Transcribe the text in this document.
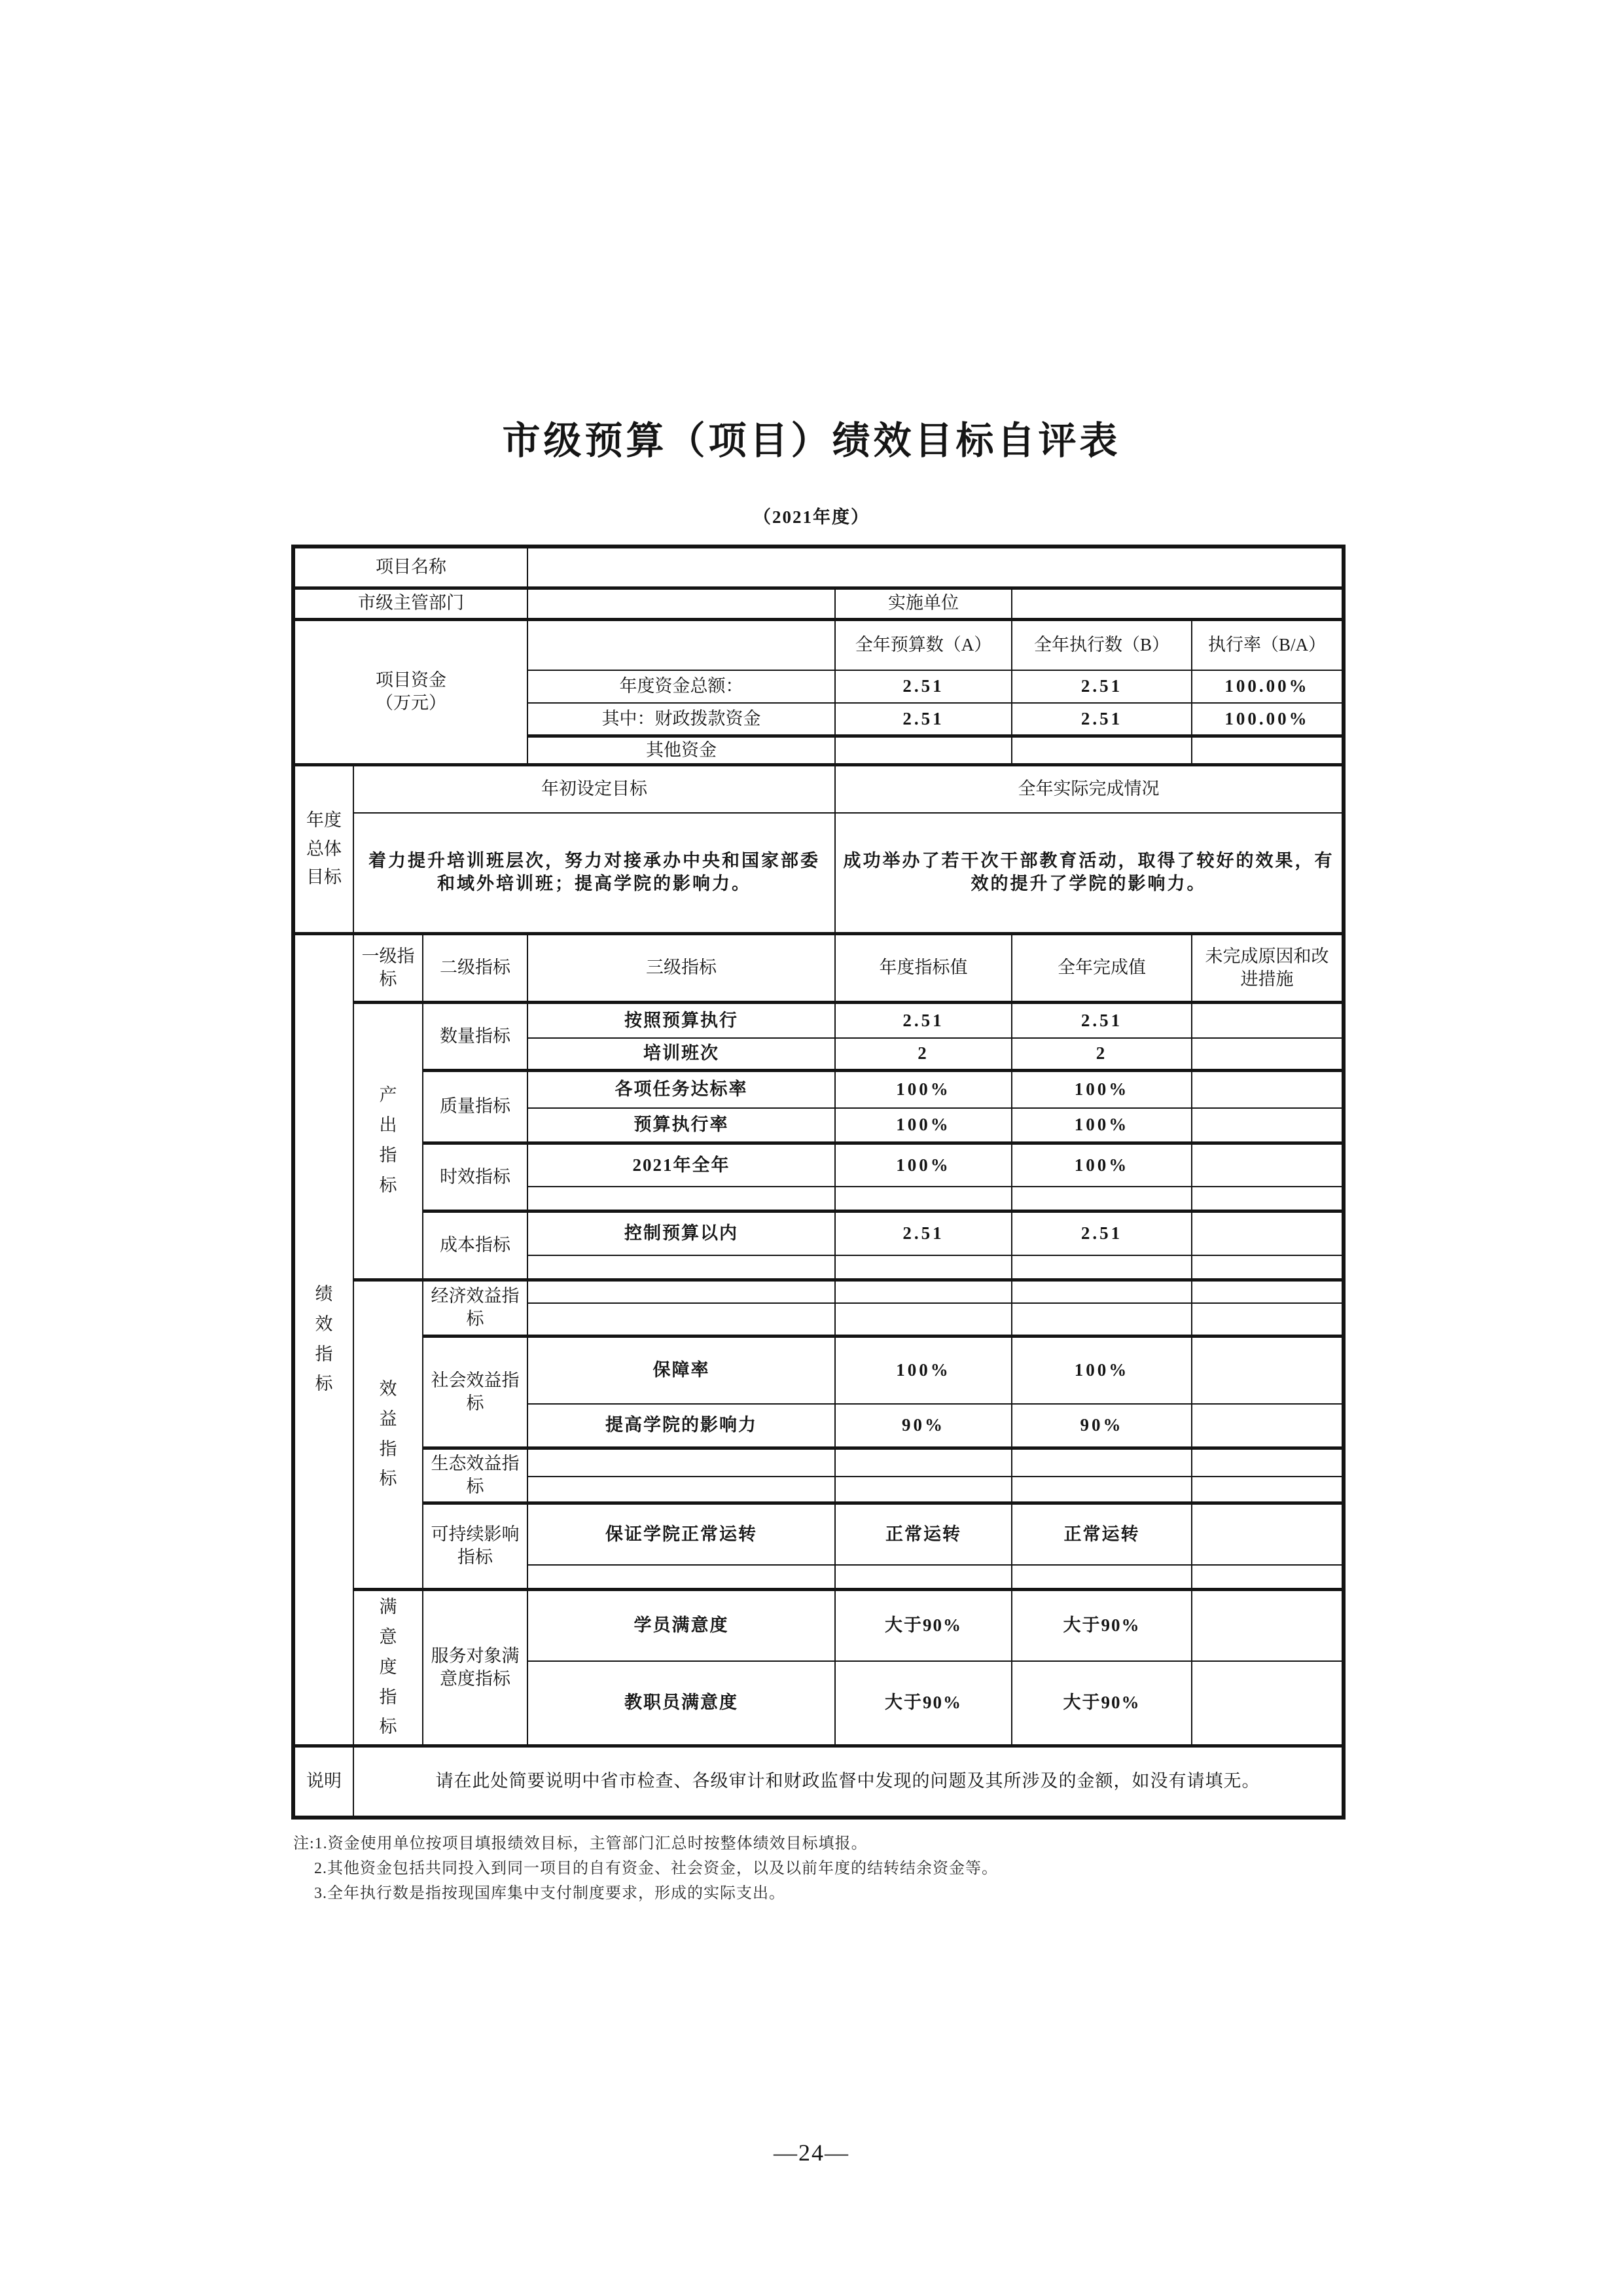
市级预算（项目）绩效目标自评表
（2021年度）
项目名称						
市级主管部门				实施单位		

项目资金
（万元）				全年预算数（A）	全年执行数（B）	执行率（B/A）
			年度资金总额：	2.51	2.51	100.00%
			其中：财政拨款资金	2.51	2.51	100.00%
			其他资金			
年度总体目标	年初设定目标			全年实际完成情况		
	着力提升培训班层次，努力对接承办中央和国家部委和域外培训班；提高学院的影响力。			成功举办了若干次干部教育活动，取得了较好的效果，有效的提升了学院的影响力。		
绩效指标	一级指标	二级指标	三级指标	年度指标值	全年完成值	未完成原因和改进措施
	产出指标	数量指标	按照预算执行	2.51	2.51	
			培训班次	2	2	
		质量指标	各项任务达标率	100%	100%	
			预算执行率	100%	100%	
		时效指标	2021年全年	100%	100%	

		成本指标	控制预算以内	2.51	2.51	

	效益指标	经济效益指标				

		社会效益指标	保障率	100%	100%	
			提高学院的影响力	90%	90%	
		生态效益指标				

		可持续影响指标	保证学院正常运转	正常运转	正常运转	

	满意度指标	服务对象满意度指标	学员满意度	大于90%	大于90%	
			教职员满意度	大于90%	大于90%	
说明	请在此处简要说明中省市检查、各级审计和财政监督中发现的问题及其所涉及的金额，如没有请填无。					
注:1.资金使用单位按项目填报绩效目标，主管部门汇总时按整体绩效目标填报。
2.其他资金包括共同投入到同一项目的自有资金、社会资金，以及以前年度的结转结余资金等。
3.全年执行数是指按现国库集中支付制度要求，形成的实际支出。
—24—
